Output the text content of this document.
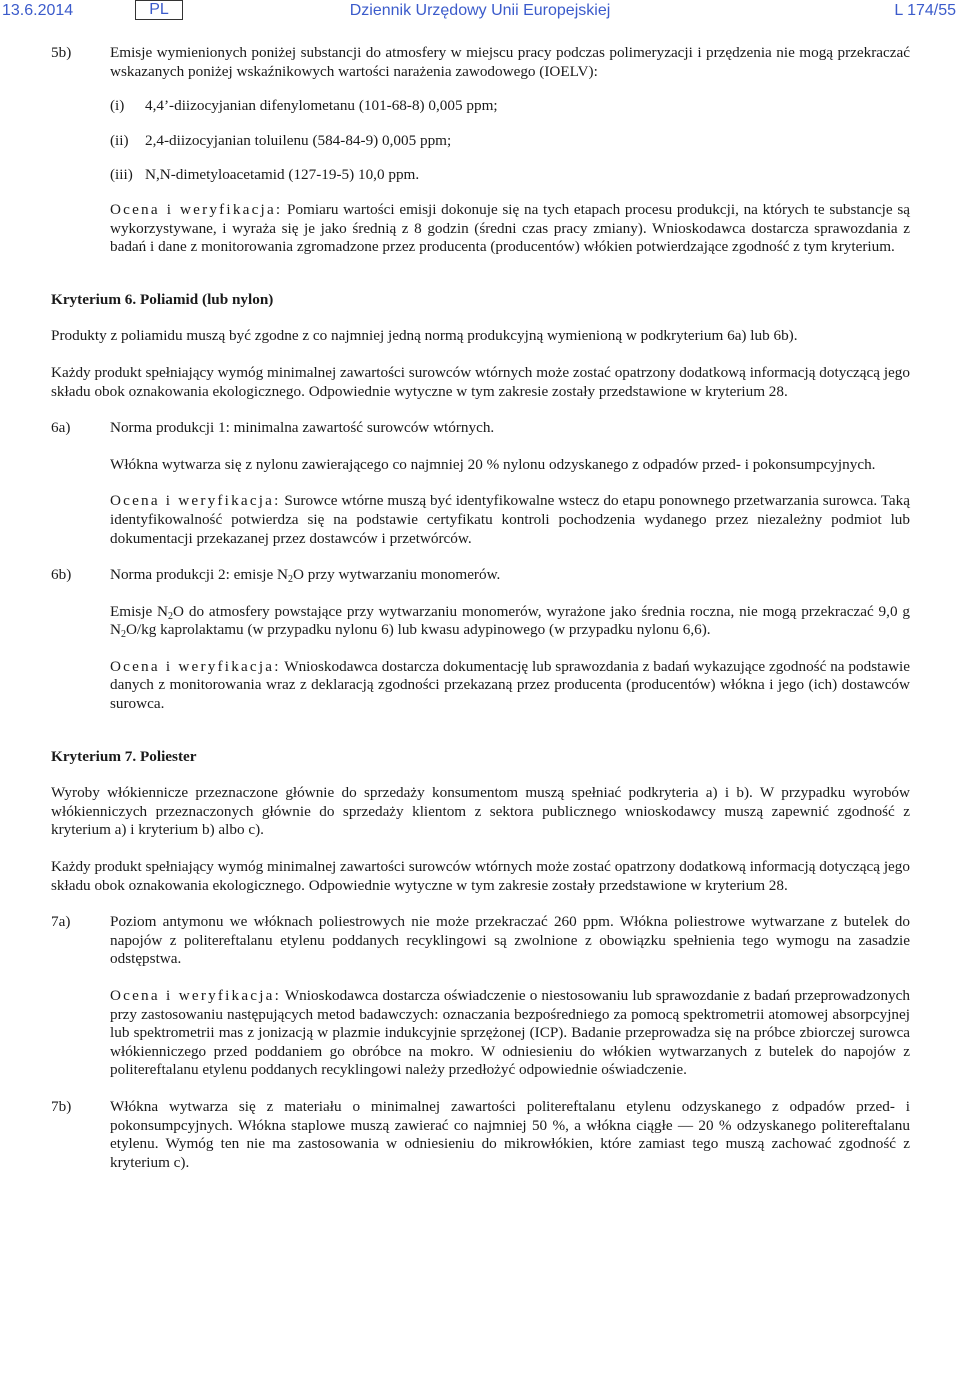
13.6.2014	PL	Dziennik Urzędowy Unii Europejskiej	L 174/55
5b)	Emisje wymienionych poniżej substancji do atmosfery w miejscu pracy podczas polimeryzacji i przędzenia nie mogą przekraczać wskazanych poniżej wskaźnikowych wartości narażenia zawodowego (IOELV):

(i)	4,4’-diizocyjanian difenylometanu (101-68-8) 0,005 ppm;
(ii)	2,4-diizocyjanian toluilenu (584-84-9) 0,005 ppm;
(iii) N,N-dimetyloacetamid (127-19-5) 10,0 ppm.

Ocena i weryfikacja: Pomiaru wartości emisji dokonuje się na tych etapach procesu produkcji, na których te substancje są wykorzystywane, i wyraża się je jako średnią z 8 godzin (średni czas pracy zmiany). Wnioskodawca dostarcza sprawozdania z badań i dane z monitorowania zgromadzone przez producenta (producentów) włókien potwierdzające zgodność z tym kryterium.

Kryterium 6. Poliamid (lub nylon)

Produkty z poliamidu muszą być zgodne z co najmniej jedną normą produkcyjną wymienioną w podkryterium 6a) lub 6b).

Każdy produkt spełniający wymóg minimalnej zawartości surowców wtórnych może zostać opatrzony dodatkową informacją dotyczącą jego składu obok oznakowania ekologicznego. Odpowiednie wytyczne w tym zakresie zostały przedstawione w kryterium 28.

6a)	Norma produkcji 1: minimalna zawartość surowców wtórnych.

Włókna wytwarza się z nylonu zawierającego co najmniej 20 % nylonu odzyskanego z odpadów przed- i pokonsumpcyjnych.

Ocena i weryfikacja: Surowce wtórne muszą być identyfikowalne wstecz do etapu ponownego przetwarzania surowca. Taką identyfikowalność potwierdza się na podstawie certyfikatu kontroli pochodzenia wydanego przez niezależny podmiot lub dokumentacji przekazanej przez dostawców i przetwórców.

6b)	Norma produkcji 2: emisje $N_2O$ przy wytwarzaniu monomerów.

Emisje $N_2O$ do atmosfery powstające przy wytwarzaniu monomerów, wyrażone jako średnia roczna, nie mogą przekraczać 9,0 g $N_2O/kg$ kaprolaktamu (w przypadku nylonu 6) lub kwasu adypinowego (w przypadku nylonu 6,6).

Ocena i weryfikacja: Wnioskodawca dostarcza dokumentację lub sprawozdania z badań wykazujące zgodność na podstawie danych z monitorowania wraz z deklaracją zgodności przekazaną przez producenta (producentów) włókna i jego (ich) dostawców surowca.

Kryterium 7. Poliester

Wyroby włókiennicze przeznaczone głównie do sprzedaży konsumentom muszą spełniać podkryteria a) i b). W przypadku wyrobów włókienniczych przeznaczonych głównie do sprzedaży klientom z sektora publicznego wnioskodawcy muszą zapewnić zgodność z kryterium a) i kryterium b) albo c).

Każdy produkt spełniający wymóg minimalnej zawartości surowców wtórnych może zostać opatrzony dodatkową informacją dotyczącą jego składu obok oznakowania ekologicznego. Odpowiednie wytyczne w tym zakresie zostały przedstawione w kryterium 28.

7a)	Poziom antymonu we włóknach poliestrowych nie może przekraczać 260 ppm. Włókna poliestrowe wytwarzane z butelek do napojów z politereftalanu etylenu poddanych recyklingowi są zwolnione z obowiązku spełnienia tego wymogu na zasadzie odstępstwa.

Ocena i weryfikacja: Wnioskodawca dostarcza oświadczenie o niestosowaniu lub sprawozdanie z badań przeprowadzonych przy zastosowaniu następujących metod badawczych: oznaczania bezpośredniego za pomocą spektrometrii atomowej absorpcyjnej lub spektrometrii mas z jonizacją w plazmie indukcyjnie sprzężonej (ICP). Badanie przeprowadza się na próbce zbiorczej surowca włókienniczego przed poddaniem go obróbce na mokro. W odniesieniu do włókien wytwarzanych z butelek do napojów z politereftalanu etylenu poddanych recyklingowi należy przedłożyć odpowiednie oświadczenie.

7b)	Włókna wytwarza się z materiału o minimalnej zawartości politereftalanu etylenu odzyskanego z odpadów przed- i pokonsumpcyjnych. Włókna staplowe muszą zawierać co najmniej 50 %, a włókna ciągłe — 20 % odzyskanego politereftalanu etylenu. Wymóg ten nie ma zastosowania w odniesieniu do mikrowłókien, które zamiast tego muszą zachować zgodność z kryterium c).
